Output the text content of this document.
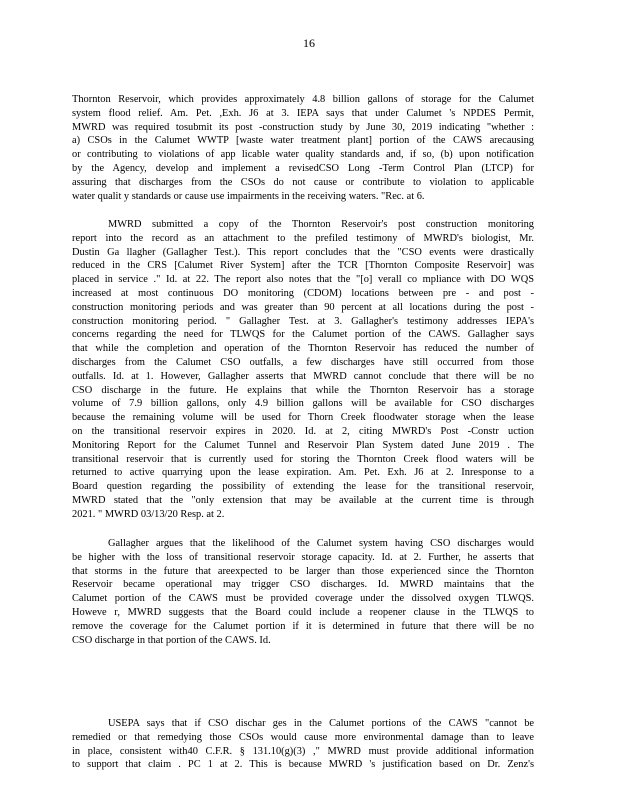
16
Thornton Reservoir, which provides approximately 4.8 billion gallons of storage for the Calumet
system flood relief. Am. Pet. ,Exh. J6 at 3. IEPA says that under Calumet 's NPDES Permit,
MWRD was required tosubmit its post -construction study by June 30, 2019 indicating "whether :
a) CSOs in the Calumet WWTP [waste water treatment plant] portion of the CAWS arecausing
or contributing to violations of app licable water quality standards and, if so, (b) upon notification
by the Agency, develop and implement a revisedCSO Long -Term Control Plan (LTCP) for
assuring that discharges from the CSOs do not cause or contribute to violation to applicable
water qualit y standards or cause use impairments in the receiving waters. "Rec. at 6.
MWRD submitted a copy of the Thornton Reservoir's post construction monitoring
report into the record as an attachment to the prefiled testimony of MWRD's biologist, Mr.
Dustin Ga llagher (Gallagher Test.). This report concludes that the "CSO events were drastically
reduced in the CRS [Calumet River System] after the TCR [Thornton Composite Reservoir] was
placed in service ." Id. at 22. The report also notes that the "[o] verall co mpliance with DO WQS
increased at most continuous DO monitoring (CDOM) locations between pre - and post -
construction monitoring periods and was greater than 90 percent at all locations during the post -
construction monitoring period. " Gallagher Test. at 3. Gallagher's testimony addresses IEPA's
concerns regarding the need for TLWQS for the Calumet portion of the CAWS. Gallagher says
that while the completion and operation of the Thornton Reservoir has reduced the number of
discharges from the Calumet CSO outfalls, a few discharges have still occurred from those
outfalls. Id. at 1. However, Gallagher asserts that MWRD cannot conclude that there will be no
CSO discharge in the future. He explains that while the Thornton Reservoir has a storage
volume of 7.9 billion gallons, only 4.9 billion gallons will be available for CSO discharges
because the remaining volume will be used for Thorn Creek floodwater storage when the lease
on the transitional reservoir expires in 2020. Id. at 2, citing MWRD's Post -Constr uction
Monitoring Report for the Calumet Tunnel and Reservoir Plan System dated June 2019 . The
transitional reservoir that is currently used for storing the Thornton Creek flood waters will be
returned to active quarrying upon the lease expiration. Am. Pet. Exh. J6 at 2. Inresponse to a
Board question regarding the possibility of extending the lease for the transitional reservoir,
MWRD stated that the "only extension that may be available at the current time is through
2021. " MWRD 03/13/20 Resp. at 2.
Gallagher argues that the likelihood of the Calumet system having CSO discharges would
be higher with the loss of transitional reservoir storage capacity. Id. at 2. Further, he asserts that
that storms in the future that areexpected to be larger than those experienced since the Thornton
Reservoir became operational may trigger CSO discharges. Id. MWRD maintains that the
Calumet portion of the CAWS must be provided coverage under the dissolved oxygen TLWQS.
Howeve r, MWRD suggests that the Board could include a reopener clause in the TLWQS to
remove the coverage for the Calumet portion if it is determined in future that there will be no
CSO discharge in that portion of the CAWS. Id.
USEPA says that if CSO dischar ges in the Calumet portions of the CAWS "cannot be
remedied or that remedying those CSOs would cause more environmental damage than to leave
in place, consistent with40 C.F.R. § 131.10(g)(3) ," MWRD must provide additional information
to support that claim . PC 1 at 2. This is because MWRD 's justification based on Dr. Zenz's
